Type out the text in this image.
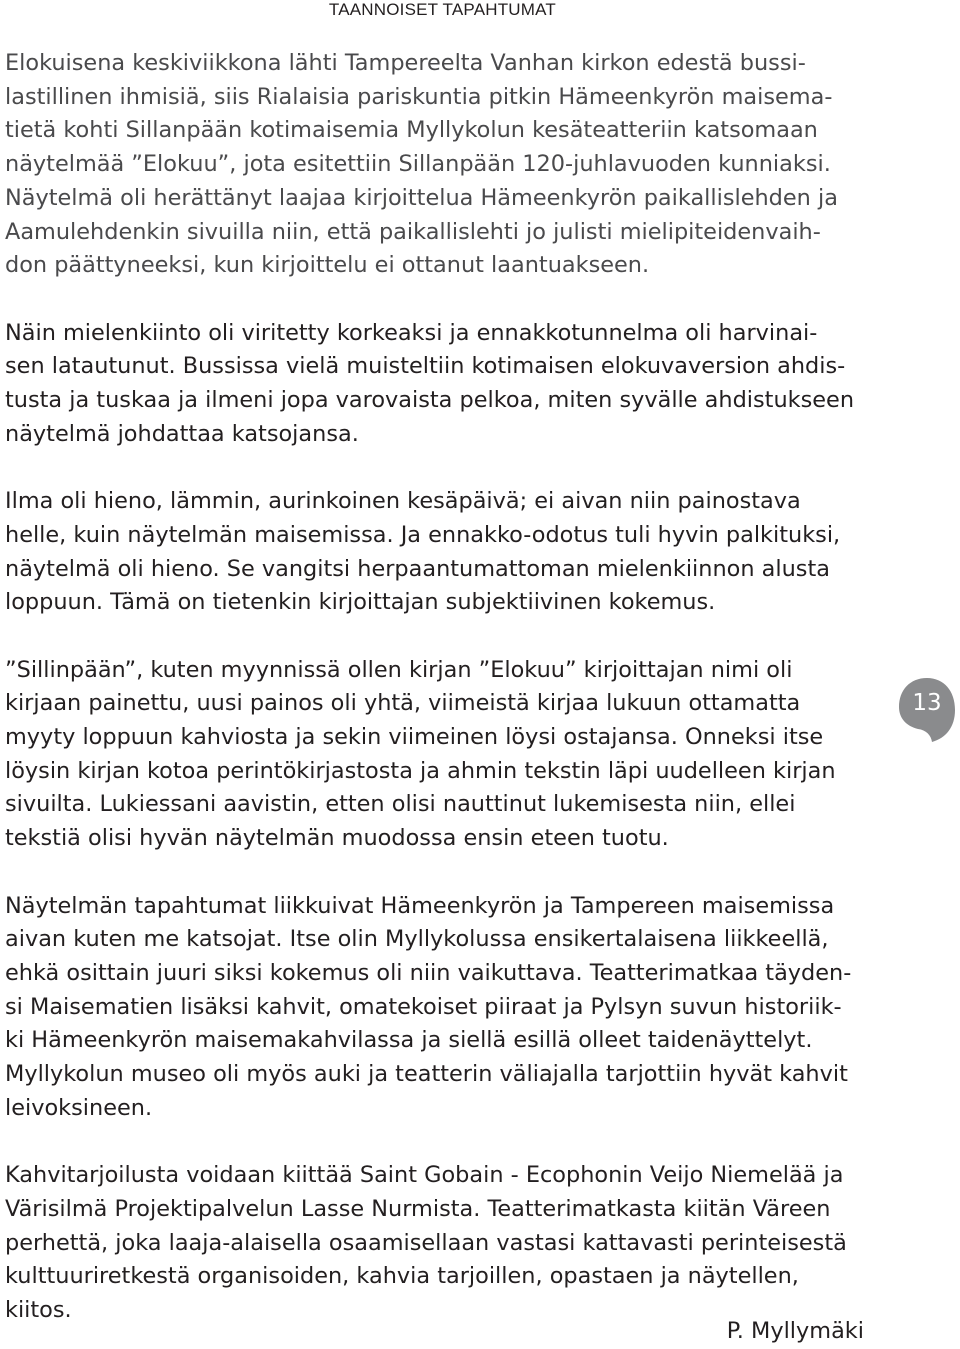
TAANNOISET TAPAHTUMAT

Elokuisena keskiviikkona lähti Tampereelta Vanhan kirkon edestä bussi-
lastillinen ihmisiä, siis Rialaisia pariskuntia pitkin Hämeenkyrön maisema-
tietä kohti Sillanpään kotimaisemia Myllykolun kesäteatteriin katsomaan
näytelmää ”Elokuu”, jota esitettiin Sillanpään 120-juhlavuoden kunniaksi.
Näytelmä oli herättänyt laajaa kirjoittelua Hämeenkyrön paikallislehden ja
Aamulehdenkin sivuilla niin, että paikallislehti jo julisti mielipiteidenvaih-
don päättyneeksi, kun kirjoittelu ei ottanut laantuakseen.

Näin mielenkiinto oli viritetty korkeaksi ja ennakkotunnelma oli harvinai-
sen latautunut. Bussissa vielä muisteltiin kotimaisen elokuvaversion ahdis-
tusta ja tuskaa ja ilmeni jopa varovaista pelkoa, miten syvälle ahdistukseen
näytelmä johdattaa katsojansa.

Ilma oli hieno, lämmin, aurinkoinen kesäpäivä; ei aivan niin painostava
helle, kuin näytelmän maisemissa. Ja ennakko-odotus tuli hyvin palkituksi,
näytelmä oli hieno. Se vangitsi herpaantumattoman mielenkiinnon alusta
loppuun. Tämä on tietenkin kirjoittajan subjektiivinen kokemus.

”Sillinpään”, kuten myynnissä ollen kirjan ”Elokuu” kirjoittajan nimi oli
kirjaan painettu, uusi painos oli yhtä, viimeistä kirjaa lukuun ottamatta
myyty loppuun kahviosta ja sekin viimeinen löysi ostajansa. Onneksi itse
löysin kirjan kotoa perintökirjastosta ja ahmin tekstin läpi uudelleen kirjan
sivuilta. Lukiessani aavistin, etten olisi nauttinut lukemisesta niin, ellei
tekstiä olisi hyvän näytelmän muodossa ensin eteen tuotu.

Näytelmän tapahtumat liikkuivat Hämeenkyrön ja Tampereen maisemissa
aivan kuten me katsojat. Itse olin Myllykolussa ensikertalaisena liikkeellä,
ehkä osittain juuri siksi kokemus oli niin vaikuttava. Teatterimatkaa täyden-
si Maisematien lisäksi kahvit, omatekoiset piiraat ja Pylsyn suvun historiik-
ki Hämeenkyrön maisemakahvilassa ja siellä esillä olleet taidenäyttelyt.
Myllykolun museo oli myös auki ja teatterin väliajalla tarjottiin hyvät kahvit
leivoksineen.

Kahvitarjoilusta voidaan kiittää Saint Gobain - Ecophonin Veijo Niemelää ja
Värisilmä Projektipalvelun Lasse Nurmista. Teatterimatkasta kiitän Väreen
perhettä, joka laaja-alaisella osaamisellaan vastasi kattavasti perinteisestä
kulttuuriretkestä organisoiden, kahvia tarjoillen, opastaen ja näytellen,
kiitos.

13
P. Myllymäki
